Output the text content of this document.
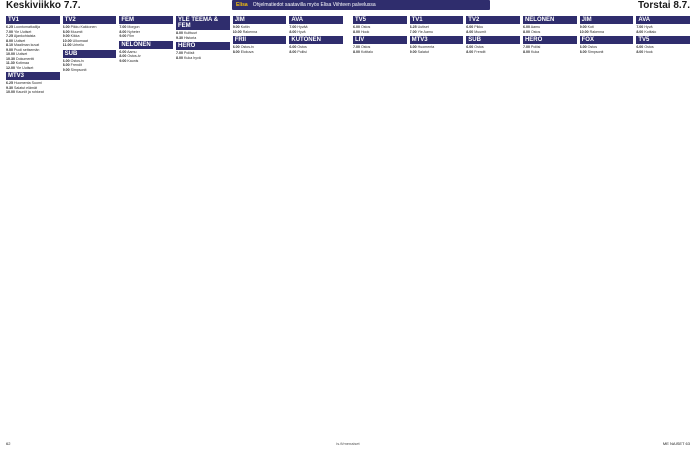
Keskiviikko 7.7.	Elisa Ohjelmatiedot saatavilla myös Elisa Viihteen palvelussa	Torstai 8.7.
TV1
6.25 Luontomatkailija
7.00 Yle Uutiset
7.25 Ajankohtaista
8.00 Uutiset
8.10 Maailman kuvat
9.00 Puoli seitsemän
10.00 Uutiset
10.30 Dokumentti
11.30 Kotimaa
12.00 Yle Uutiset
MTV3
6.25 Huomenta Suomi
9.30 Salatut elämät
10.00 Kauniit ja rohkeat
TV2
6.00 Pikku Kakkonen
8.00 Muumit
9.00 Kikka
10.00 Ulkomaat
11.00 Urheilu
SUB
6.00 Ostos-tv
8.00 Frendit
9.00 Simpsonit
FEM
7.00 Morgon
8.00 Nyheter
9.00 Film
NELONEN
6.00 Aamu
8.00 Ostos-tv
9.00 Kaunis
YLE TEEMA & FEM
8.00 Kulttuuri
9.30 Historia
HERO
7.00 Poliisit
8.00 Kuka hyvä
JIM
9.00 Kotiin
10.00 Rakenna
FRII
6.00 Ostos-tv
8.00 Elokuva
AVA
7.00 Hyvää
8.00 Hyvä
KUTONEN
6.00 Ostos
8.00 Poliisi
TV5
6.00 Ostos
8.00 Hook
LIV
7.00 Ostos
8.00 Kotitalo
TV1
6.25 Uutiset
7.00 Yle Aamu
MTV3
6.00 Huomenta
9.00 Salatut
TV2
6.00 Pikku
8.00 Muumit
SUB
6.00 Ostos
8.00 Frendit
NELONEN
6.00 Aamu
8.00 Ostos
HERO
7.00 Poliisi
8.00 Kuka
JIM
9.00 Koti
10.00 Rakenna
FOX
6.00 Ostos
8.00 Simpsonit
AVA
7.00 Hyvä
8.00 Kotitalo
TV5
6.00 Ostos
8.00 Hook
62	is.fi/menaiset	ME NAISET 63
